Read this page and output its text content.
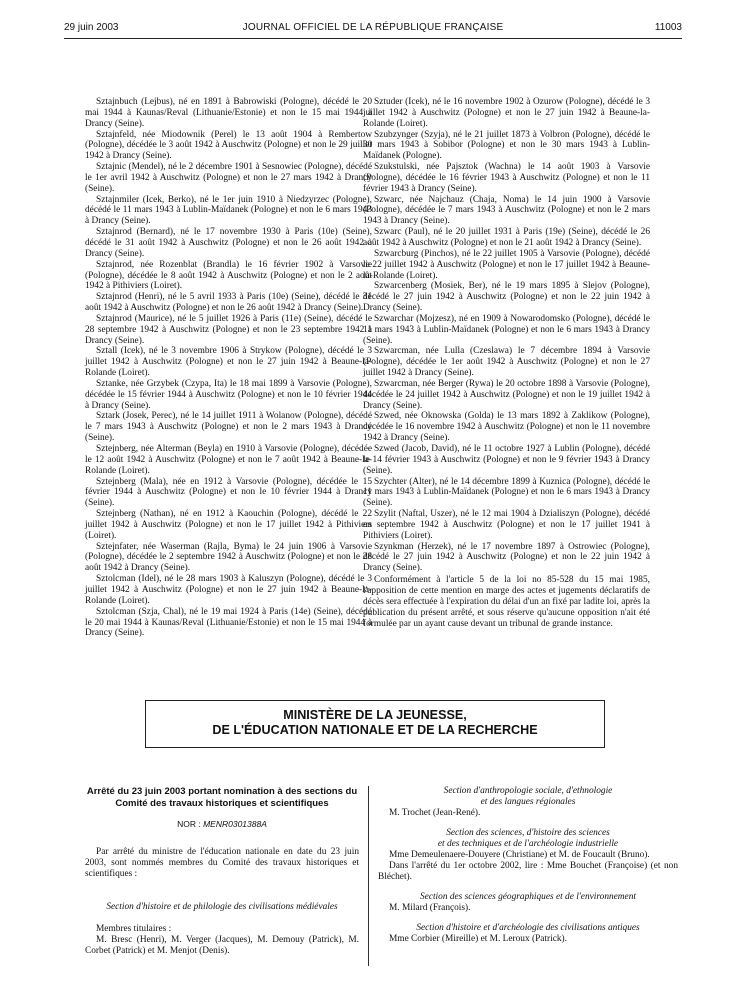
29 juin 2003	JOURNAL OFFICIEL DE LA RÉPUBLIQUE FRANÇAISE	11003

Sztajnbuch (Lejbus), né en 1891 à Babrowiski (Pologne), décédé le 20 mai 1944 à Kaunas/Reval (Lithuanie/Estonie) et non le 15 mai 1944 à Drancy (Seine).

Sztajnfeld, née Miodownik (Perel) le 13 août 1904 à Rembertow (Pologne), décédée le 3 août 1942 à Auschwitz (Pologne) et non le 29 juillet 1942 à Drancy (Seine).

Sztajnic (Mendel), né le 2 décembre 1901 à Sesnowiec (Pologne), décédé le 1er avril 1942 à Auschwitz (Pologne) et non le 27 mars 1942 à Drancy (Seine).

Sztajnmiler (Icek, Berko), né le 1er juin 1910 à Niedzyrzec (Pologne), décédé le 11 mars 1943 à Lublin-Maïdanek (Pologne) et non le 6 mars 1943 à Drancy (Seine).

Sztajnrod (Bernard), né le 17 novembre 1930 à Paris (10e) (Seine), décédé le 31 août 1942 à Auschwitz (Pologne) et non le 26 août 1942 à Drancy (Seine).

Sztajnrod, née Rozenblat (Brandla) le 16 février 1902 à Varsovie (Pologne), décédée le 8 août 1942 à Auschwitz (Pologne) et non le 2 août 1942 à Pithiviers (Loiret).

Sztajnrod (Henri), né le 5 avril 1933 à Paris (10e) (Seine), décédé le 31 août 1942 à Auschwitz (Pologne) et non le 26 août 1942 à Drancy (Seine).

Sztajnrod (Maurice), né le 5 juillet 1926 à Paris (11e) (Seine), décédé le 28 septembre 1942 à Auschwitz (Pologne) et non le 23 septembre 1942 à Drancy (Seine).

Sztall (Icek), né le 3 novembre 1906 à Strykow (Pologne), décédé le 3 juillet 1942 à Auschwitz (Pologne) et non le 27 juin 1942 à Beaune-la-Rolande (Loiret).

Sztanke, née Grzybek (Czypa, Ita) le 18 mai 1899 à Varsovie (Pologne), décédée le 15 février 1944 à Auschwitz (Pologne) et non le 10 février 1944 à Drancy (Seine).

Sztark (Josek, Perec), né le 14 juillet 1911 à Wolanow (Pologne), décédé le 7 mars 1943 à Auschwitz (Pologne) et non le 2 mars 1943 à Drancy (Seine).

Sztejnberg, née Alterman (Beyla) en 1910 à Varsovie (Pologne), décédée le 12 août 1942 à Auschwitz (Pologne) et non le 7 août 1942 à Beaune-la-Rolande (Loiret).

Sztejnberg (Mala), née en 1912 à Varsovie (Pologne), décédée le 15 février 1944 à Auschwitz (Pologne) et non le 10 février 1944 à Drancy (Seine).

Sztejnberg (Nathan), né en 1912 à Kaouchin (Pologne), décédé le 22 juillet 1942 à Auschwitz (Pologne) et non le 17 juillet 1942 à Pithiviers (Loiret).

Sztejnfater, née Waserman (Rajla, Byma) le 24 juin 1906 à Varsovie (Pologne), décédée le 2 septembre 1942 à Auschwitz (Pologne) et non le 28 août 1942 à Drancy (Seine).

Sztolcman (Idel), né le 28 mars 1903 à Kaluszyn (Pologne), décédé le 3 juillet 1942 à Auschwitz (Pologne) et non le 27 juin 1942 à Beaune-la-Rolande (Loiret).

Sztolcman (Szja, Chal), né le 19 mai 1924 à Paris (14e) (Seine), décédé le 20 mai 1944 à Kaunas/Reval (Lithuanie/Estonie) et non le 15 mai 1944 à Drancy (Seine).

Sztuder (Icek), né le 16 novembre 1902 à Ozurow (Pologne), décédé le 3 juillet 1942 à Auschwitz (Pologne) et non le 27 juin 1942 à Beaune-la-Rolande (Loiret).

Szubzynger (Szyja), né le 21 juillet 1873 à Volbron (Pologne), décédé le 30 mars 1943 à Sobibor (Pologne) et non le 30 mars 1943 à Lublin-Maïdanek (Pologne).

Szukstulski, née Pajsztok (Wachna) le 14 août 1903 à Varsovie (Pologne), décédée le 16 février 1943 à Auschwitz (Pologne) et non le 11 février 1943 à Drancy (Seine).

Szwarc, née Najchauz (Chaja, Noma) le 14 juin 1900 à Varsovie (Pologne), décédée le 7 mars 1943 à Auschwitz (Pologne) et non le 2 mars 1943 à Drancy (Seine).

Szwarc (Paul), né le 20 juillet 1931 à Paris (19e) (Seine), décédé le 26 août 1942 à Auschwitz (Pologne) et non le 21 août 1942 à Drancy (Seine).

Szwarcburg (Pinchos), né le 22 juillet 1905 à Varsovie (Pologne), décédé le 22 juillet 1942 à Auschwitz (Pologne) et non le 17 juillet 1942 à Beaune-la-Rolande (Loiret).

Szwarcenberg (Mosiek, Ber), né le 19 mars 1895 à Slejov (Pologne), décédé le 27 juin 1942 à Auschwitz (Pologne) et non le 22 juin 1942 à Drancy (Seine).

Szwarchar (Mojzesz), né en 1909 à Nowarodomsko (Pologne), décédé le 11 mars 1943 à Lublin-Maïdanek (Pologne) et non le 6 mars 1943 à Drancy (Seine).

Szwarcman, née Lulla (Czeslawa) le 7 décembre 1894 à Varsovie (Pologne), décédée le 1er août 1942 à Auschwitz (Pologne) et non le 27 juillet 1942 à Drancy (Seine).

Szwarcman, née Berger (Rywa) le 20 octobre 1898 à Varsovie (Pologne), décédée le 24 juillet 1942 à Auschwitz (Pologne) et non le 19 juillet 1942 à Drancy (Seine).

Szwed, née Oknowska (Golda) le 13 mars 1892 à Zaklikow (Pologne), décédée le 16 novembre 1942 à Auschwitz (Pologne) et non le 11 novembre 1942 à Drancy (Seine).

Szwed (Jacob, David), né le 11 octobre 1927 à Lublin (Pologne), décédé le 14 février 1943 à Auschwitz (Pologne) et non le 9 février 1943 à Drancy (Seine).

Szychter (Alter), né le 14 décembre 1899 à Kuznica (Pologne), décédé le 11 mars 1943 à Lublin-Maïdanek (Pologne) et non le 6 mars 1943 à Drancy (Seine).

Szylit (Naftal, Uszer), né le 12 mai 1904 à Dzialiszyn (Pologne), décédé en septembre 1942 à Auschwitz (Pologne) et non le 17 juillet 1941 à Pithiviers (Loiret).

Szynkman (Herzek), né le 17 novembre 1897 à Ostrowiec (Pologne), décédé le 27 juin 1942 à Auschwitz (Pologne) et non le 22 juin 1942 à Drancy (Seine).

Conformément à l'article 5 de la loi no 85-528 du 15 mai 1985, l'apposition de cette mention en marge des actes et jugements déclaratifs de décès sera effectuée à l'expiration du délai d'un an fixé par ladite loi, après la publication du présent arrêté, et sous réserve qu'aucune opposition n'ait été formulée par un ayant cause devant un tribunal de grande instance.

MINISTÈRE DE LA JEUNESSE,
DE L'ÉDUCATION NATIONALE ET DE LA RECHERCHE
Arrêté du 23 juin 2003 portant nomination à des sections du Comité des travaux historiques et scientifiques
NOR : MENR0301388A
Par arrêté du ministre de l'éducation nationale en date du 23 juin 2003, sont nommés membres du Comité des travaux historiques et scientifiques :
Section d'histoire et de philologie des civilisations médiévales
Membres titulaires :
M. Bresc (Henri), M. Verger (Jacques), M. Demouy (Patrick), M. Corbet (Patrick) et M. Menjot (Denis).
Section d'anthropologie sociale, d'ethnologie
et des langues régionales
M. Trochet (Jean-René).
Section des sciences, d'histoire des sciences
et des techniques et de l'archéologie industrielle
Mme Demeulenaere-Douyere (Christiane) et M. de Foucault (Bruno).
Dans l'arrêté du 1er octobre 2002, lire : Mme Bouchet (Françoise) (et non Bléchet).
Section des sciences géographiques et de l'environnement
M. Milard (François).
Section d'histoire et d'archéologie des civilisations antiques
Mme Corbier (Mireille) et M. Leroux (Patrick).
